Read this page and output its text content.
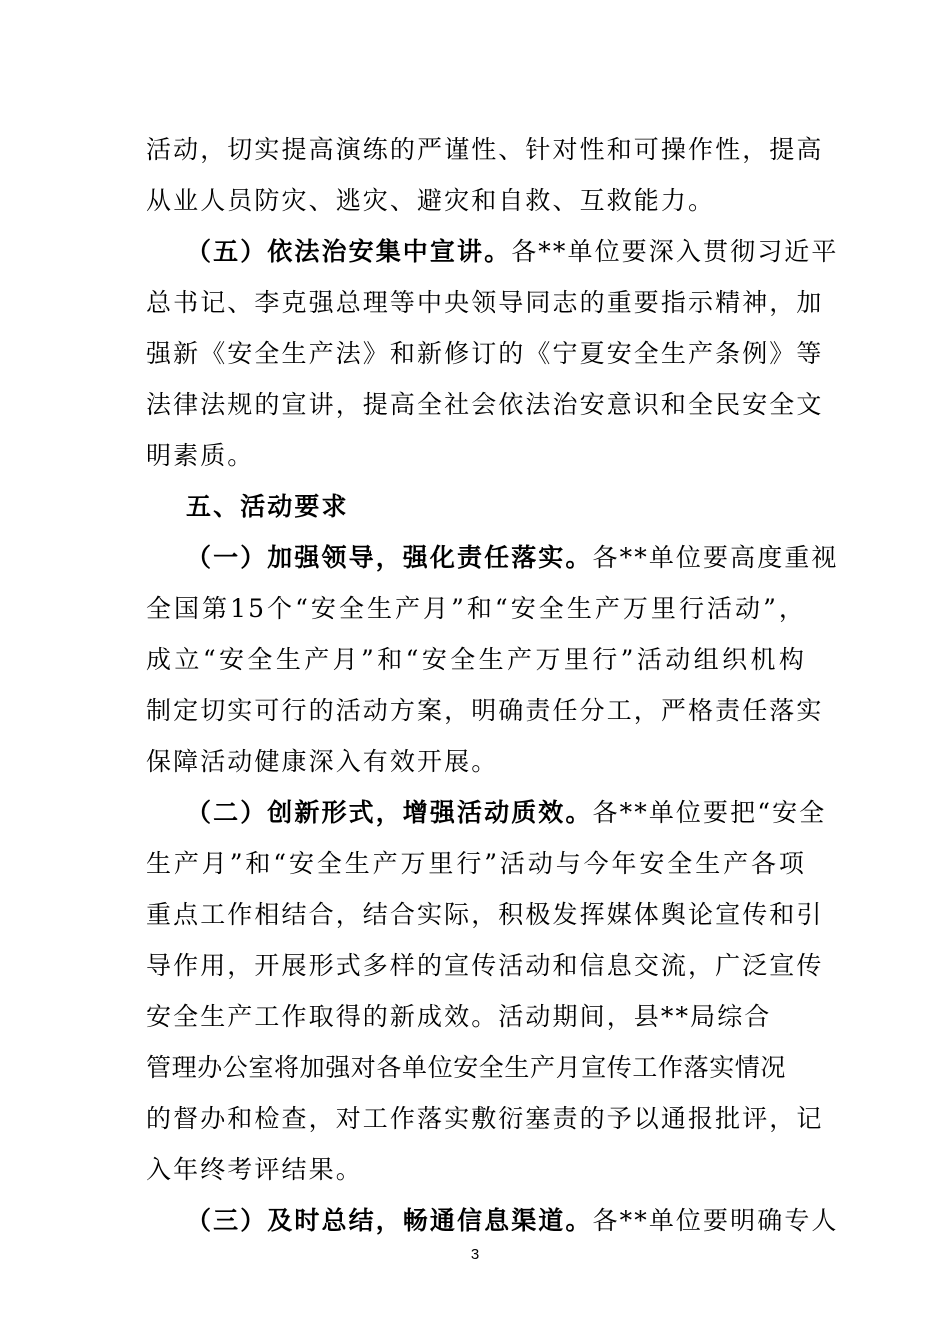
活动，切实提高演练的严谨性、针对性和可操作性，提高
从业人员防灾、逃灾、避灾和自救、互救能力。
（五）依法治安集中宣讲。各**单位要深入贯彻习近平
总书记、李克强总理等中央领导同志的重要指示精神，加
强新《安全生产法》和新修订的《宁夏安全生产条例》等
法律法规的宣讲，提高全社会依法治安意识和全民安全文
明素质。
五、活动要求
（一）加强领导，强化责任落实。各**单位要高度重视
全国第15个“安全生产月”和“安全生产万里行活动”，
成立“安全生产月”和“安全生产万里行”活动组织机构
制定切实可行的活动方案，明确责任分工，严格责任落实
保障活动健康深入有效开展。
（二）创新形式，增强活动质效。各**单位要把“安全
生产月”和“安全生产万里行”活动与今年安全生产各项
重点工作相结合，结合实际，积极发挥媒体舆论宣传和引
导作用，开展形式多样的宣传活动和信息交流，广泛宣传
安全生产工作取得的新成效。活动期间，县**局综合
管理办公室将加强对各单位安全生产月宣传工作落实情况
的督办和检查，对工作落实敷衍塞责的予以通报批评，记
入年终考评结果。
（三）及时总结，畅通信息渠道。各**单位要明确专人
3
